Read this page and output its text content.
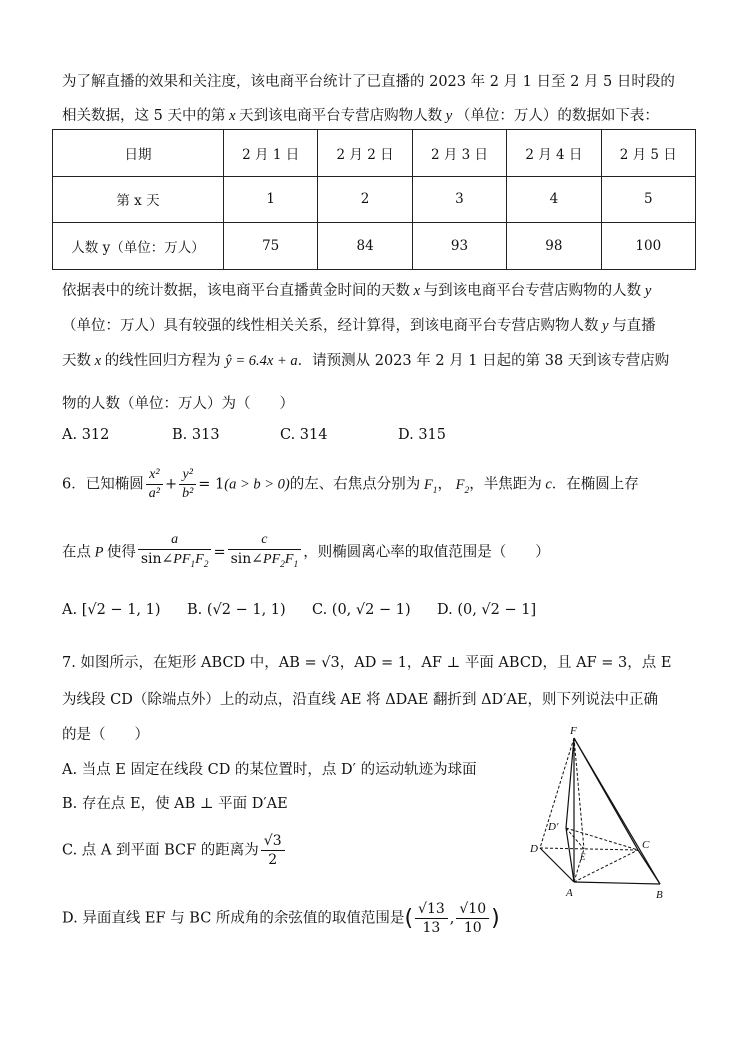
为了解直播的效果和关注度，该电商平台统计了已直播的 2023 年 2 月 1 日至 2 月 5 日时段的
相关数据，这 5 天中的第 x 天到该电商平台专营店购物人数 y （单位：万人）的数据如下表：
日期	2 月 1 日	2 月 2 日	2 月 3 日	2 月 4 日	2 月 5 日
第 x 天	1	2	3	4	5
人数 y（单位：万人）	75	84	93	98	100
依据表中的统计数据，该电商平台直播黄金时间的天数 x 与到该电商平台专营店购物的人数 y
（单位：万人）具有较强的线性相关关系，经计算得，到该电商平台专营店购物人数 y 与直播
天数 x 的线性回归方程为 ŷ = 6.4x + a．请预测从 2023 年 2 月 1 日起的第 38 天到该专营店购
物的人数（单位：万人）为（　　）
A. 312	B. 313	C. 314	D. 315
6．已知椭圆 $\frac{\text{x²}}{\text{a²}} + \frac{\text{y²}}{\text{b²}} = 1(a > b > 0)$的左、右焦点分别为 $F_1$， $F_2$，半焦距为 c．在椭圆上存
在点 P 使得 $\frac{a}{\sin\angle PF_1F_2} = \frac{c}{\sin\angle PF_2F_1}$ ，则椭圆离心率的取值范围是（　　）
A. [√2 − 1, 1) B. (√2 − 1, 1) C. (0, √2 − 1) D. (0, √2 − 1]
7. 如图所示，在矩形 ABCD 中，AB = √3，AD = 1，AF ⊥ 平面 ABCD，且 AF = 3，点 E
为线段 CD（除端点外）上的动点，沿直线 AE 将 ΔDAE 翻折到 ΔD′AE，则下列说法中正确
的是（　　）
A. 当点 E 固定在线段 CD 的某位置时，点 D′ 的运动轨迹为球面
B. 存在点 E，使 AB ⊥ 平面 D′AE
C. 点 A 到平面 BCF 的距离为 $\frac{√3}{2}$
D. 异面直线 EF 与 BC 所成角的余弦值的取值范围是( $\frac{√13}{13}$ , $\frac{√10}{10}$ )
F
D′
D
E
C
A	B
